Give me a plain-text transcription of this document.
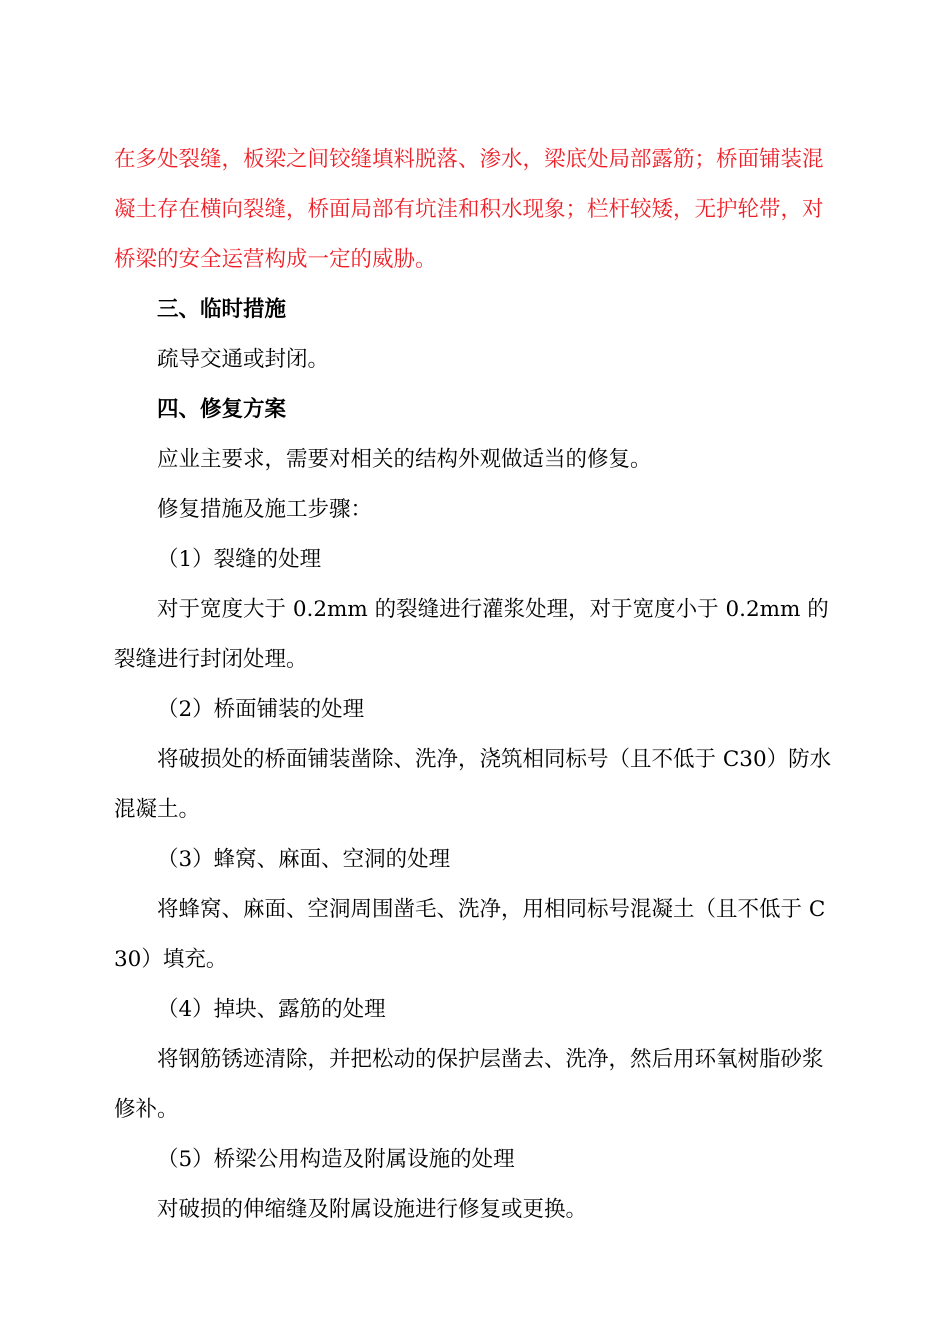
在多处裂缝，板梁之间铰缝填料脱落、渗水，梁底处局部露筋；桥面铺装混凝土存在横向裂缝，桥面局部有坑洼和积水现象；栏杆较矮，无护轮带，对桥梁的安全运营构成一定的威胁。

三、临时措施

疏导交通或封闭。

四、修复方案

应业主要求，需要对相关的结构外观做适当的修复。

修复措施及施工步骤：

（1）裂缝的处理

对于宽度大于 0.2mm 的裂缝进行灌浆处理，对于宽度小于 0.2mm 的裂缝进行封闭处理。

（2）桥面铺装的处理

将破损处的桥面铺装凿除、洗净，浇筑相同标号（且不低于 C30）防水混凝土。

（3）蜂窝、麻面、空洞的处理

将蜂窝、麻面、空洞周围凿毛、洗净，用相同标号混凝土（且不低于 C30）填充。

（4）掉块、露筋的处理

将钢筋锈迹清除，并把松动的保护层凿去、洗净，然后用环氧树脂砂浆修补。

（5）桥梁公用构造及附属设施的处理

对破损的伸缩缝及附属设施进行修复或更换。
